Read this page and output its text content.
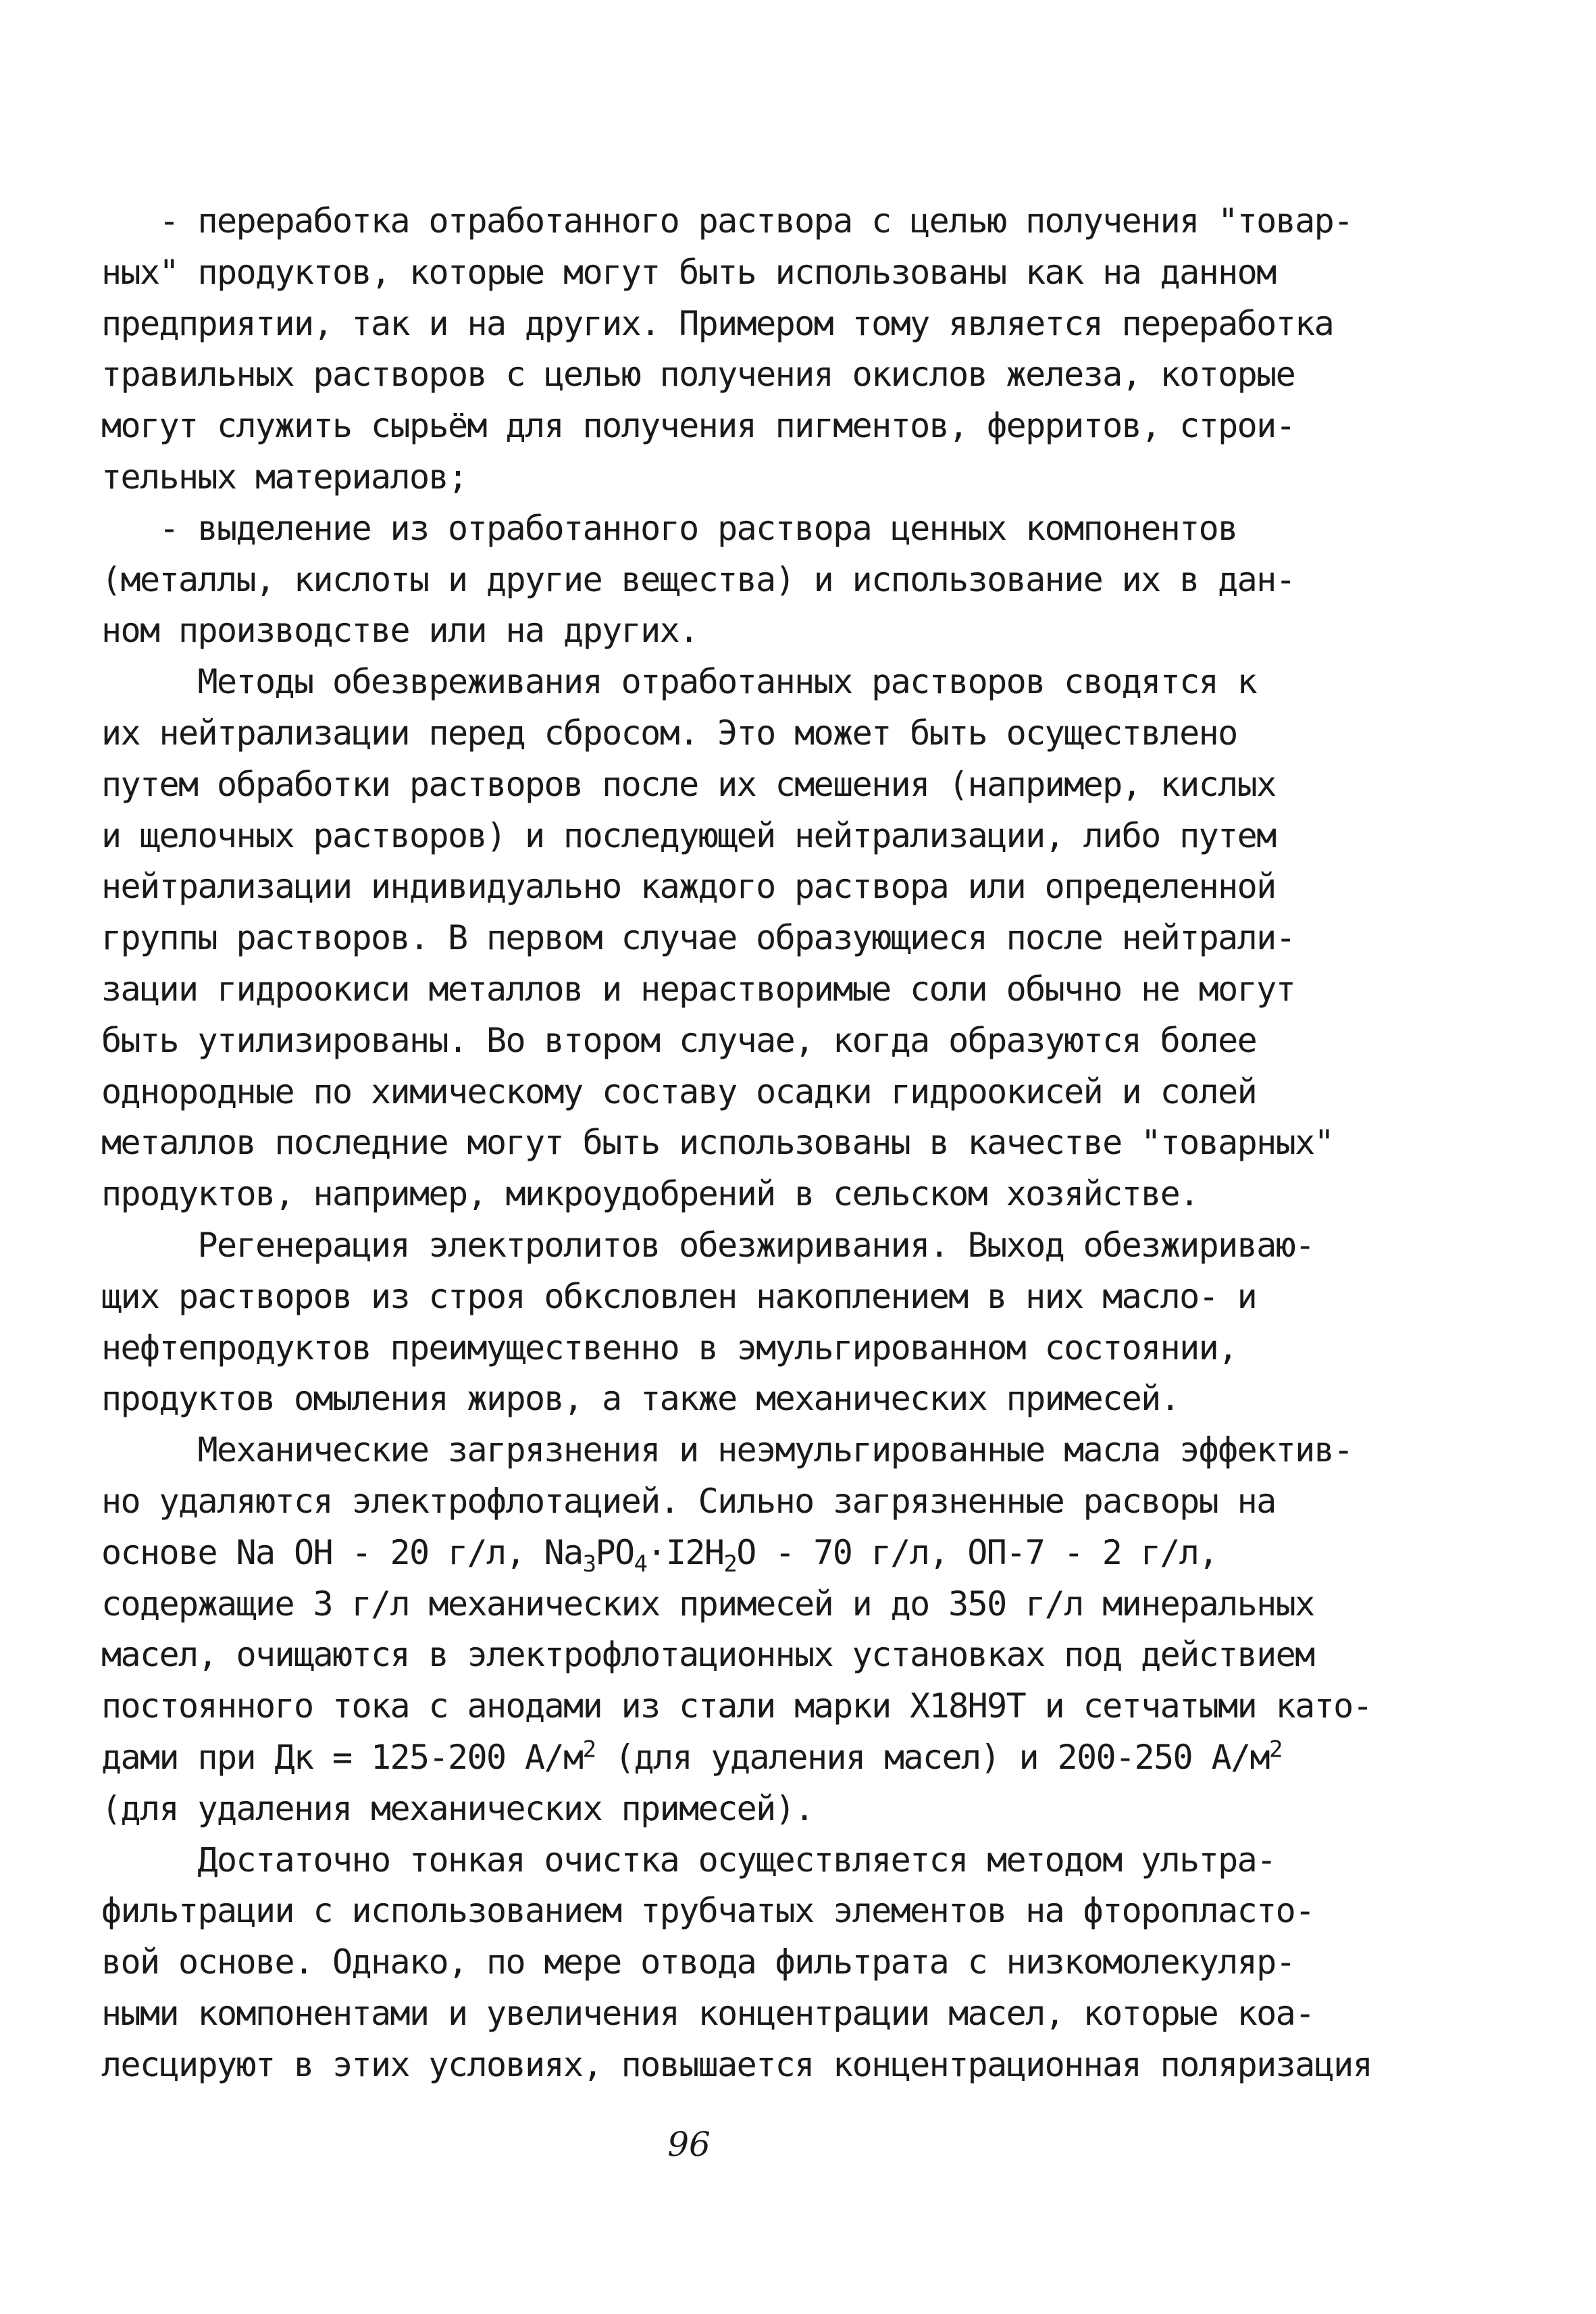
- переработка отработанного раствора с целью получения "товар-
ных" продуктов, которые могут быть использованы как на данном
предприятии, так и на других. Примером тому является переработка
травильных растворов с целью получения окислов железа, которые
могут служить сырьём для получения пигментов, ферритов, строи-
тельных материалов;
- выделение из отработанного раствора ценных компонентов
(металлы, кислоты и другие вещества) и использование их в дан-
ном производстве или на других.
Методы обезвреживания отработанных растворов сводятся к
их нейтрализации перед сбросом. Это может быть осуществлено
путем обработки растворов после их смешения (например, кислых
и щелочных растворов) и последующей нейтрализации, либо путем
нейтрализации индивидуально каждого раствора или определенной
группы растворов. В первом случае образующиеся после нейтрали-
зации гидроокиси металлов и нерастворимые соли обычно не могут
быть утилизированы. Во втором случае, когда образуются более
однородные по химическому составу осадки гидроокисей и солей
металлов последние могут быть использованы в качестве "товарных"
продуктов, например, микроудобрений в сельском хозяйстве.
Регенерация электролитов обезжиривания. Выход обезжириваю-
щих растворов из строя обксловлен накоплением в них масло- и
нефтепродуктов преимущественно в эмульгированном состоянии,
продуктов омыления жиров, а также механических примесей.
Механические загрязнения и неэмульгированные масла эффектив-
но удаляются электрофлотацией. Сильно загрязненные расворы на
основе Na OH - 20 г/л, $Na_3PO_4\cdot I2H_2O - 70$ г/л, ОП-7 - 2 г/л,
содержащие 3 г/л механических примесей и до 350 г/л минеральных
масел, очищаются в электрофлотационных установках под действием
постоянного тока с анодами из стали марки Х18Н9Т и сетчатыми като-
дами при Дк = 125-200 $А/м^2$ (для удаления масел) и 200-250 $А/м^2$
(для удаления механических примесей).
Достаточно тонкая очистка осуществляется методом ультра-
фильтрации с использованием трубчатых элементов на фторопласто-
вой основе. Однако, по мере отвода фильтрата с низкомолекуляр-
ными компонентами и увеличения концентрации масел, которые коа-
лесцируют в этих условиях, повышается концентрационная поляризация
96
